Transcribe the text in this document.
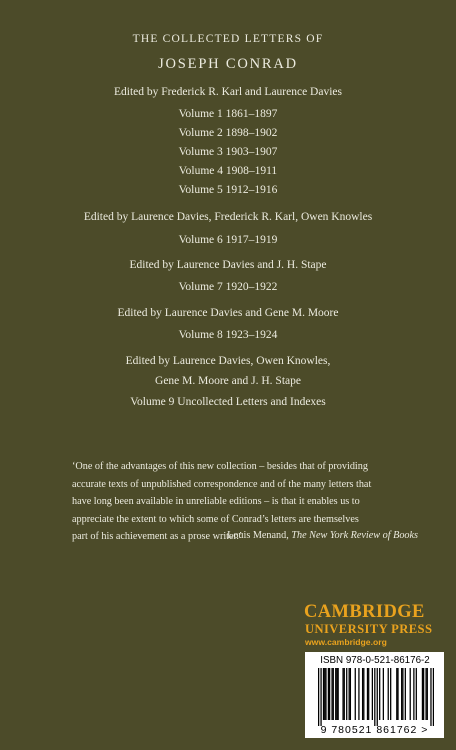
THE COLLECTED LETTERS OF
JOSEPH CONRAD
Edited by Frederick R. Karl and Laurence Davies
Volume 1 1861–1897
Volume 2 1898–1902
Volume 3 1903–1907
Volume 4 1908–1911
Volume 5 1912–1916
Edited by Laurence Davies, Frederick R. Karl, Owen Knowles
Volume 6 1917–1919
Edited by Laurence Davies and J. H. Stape
Volume 7 1920–1922
Edited by Laurence Davies and Gene M. Moore
Volume 8 1923–1924
Edited by Laurence Davies, Owen Knowles,
Gene M. Moore and J. H. Stape
Volume 9 Uncollected Letters and Indexes
‘One of the advantages of this new collection – besides that of providing
accurate texts of unpublished correspondence and of the many letters that
have long been available in unreliable editions – is that it enables us to
appreciate the extent to which some of Conrad’s letters are themselves
part of his achievement as a prose writer.’
Louis Menand, The New York Review of Books
CAMBRIDGE
UNIVERSITY PRESS
www.cambridge.org
ISBN 978-0-521-86176-2
9 780521 861762 >
